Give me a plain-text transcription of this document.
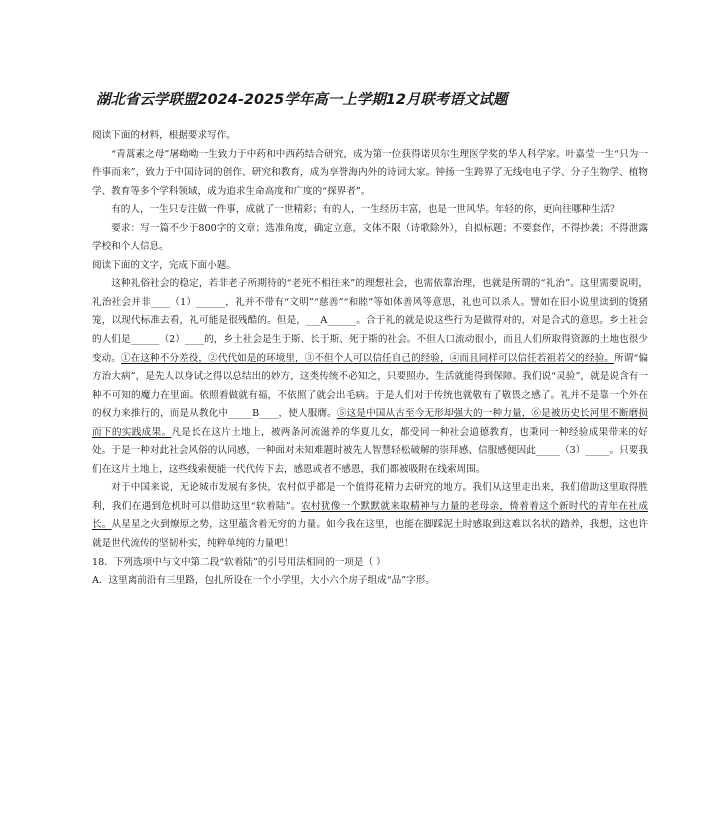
湖北省云学联盟2024-2025学年高一上学期12月联考语文试题

阅读下面的材料，根据要求写作。

“青蒿素之母”屠呦呦一生致力于中药和中西药结合研究，成为第一位获得诺贝尔生理医学奖的华人科学家。叶嘉莹一生“只为一件事而来”，致力于中国诗词的创作、研究和教育，成为享誉海内外的诗词大家。钟扬一生跨界了无线电电子学、分子生物学、植物学、教育等多个学科领域，成为追求生命高度和广度的“探界者”。

有的人，一生只专注做一件事，成就了一世精彩；有的人，一生经历丰富，也是一世风华。年轻的你，更向往哪种生活？

要求：写一篇不少于800字的文章；选准角度，确定立意，文体不限（诗歌除外），自拟标题；不要套作，不得抄袭；不得泄露学校和个人信息。

阅读下面的文字，完成下面小题。

这种礼俗社会的稳定，若非老子所期待的“老死不相往来”的理想社会，也需依靠治理，也就是所谓的“礼治”。这里需要说明，礼治社会并非____（1）______，礼并不带有“文明”“慈善”“和睦”等如体善风等意思，礼也可以杀人。譬如在旧小说里读到的烫猪笼，以现代标准去看，礼可能是很残酷的。但是，___A______。合于礼的就是说这些行为是做得对的，对是合式的意思。乡土社会的人们是______（2）____的，乡土社会是生于斯、长于斯、死于斯的社会。不但人口流动很小，而且人们所取得资源的土地也很少变动。①在这种不分差役，②代代如是的环境里，③不但个人可以信任自己的经验，④而且同样可以信任若祖若父的经验。所谓“偏方治大病”，是先人以身试之得以总结出的妙方，这类传统不必知之，只要照办，生活就能得到保障。我们说“灵验”，就是说含有一种不可知的魔力在里面。依照着做就有福，不依照了就会出毛病。于是人们对于传统也就敬有了敬畏之感了。礼并不是靠一个外在的权力来推行的，而是从教化中_____B____，使人服膺。⑤这是中国从古至今无形却强大的一种力量，⑥是被历史长河里不断磨损而下的实践成果。凡是长在这片土地上，被两条河流滋养的华夏儿女，都受同一种社会道德教育，也秉同一种经验成果带来的好处。于是一种对此社会风俗的认同感，一种面对未知难题时被先人智慧轻松破解的崇拜感、信服感便因此_____（3）_____。只要我们在这片土地上，这些线索便能一代代传下去，感恩或者不感恩，我们都被吸附在线索周围。

对于中国来说，无论城市发展有多快，农村似乎都是一个值得花精力去研究的地方。我们从这里走出来，我们借助这里取得胜利，我们在遇到危机时可以借助这里“软着陆”。农村犹像一个默默就来取精神与力量的老母亲，倚着着这个新时代的青年在社成长。从星星之火到燎原之势，这里蕴含着无穷的力量。如今我在这里，也能在脚踩泥土时感取到这难以名状的踏养，我想，这也许就是世代流传的坚韧朴实，纯粹单纯的力量吧！

18．下列选项中与文中第二段“软着陆”的引号用法相同的一项是（ ）

A．这里离前沿有三里路，包扎所设在一个小学里，大小六个房子组成“品”字形。
